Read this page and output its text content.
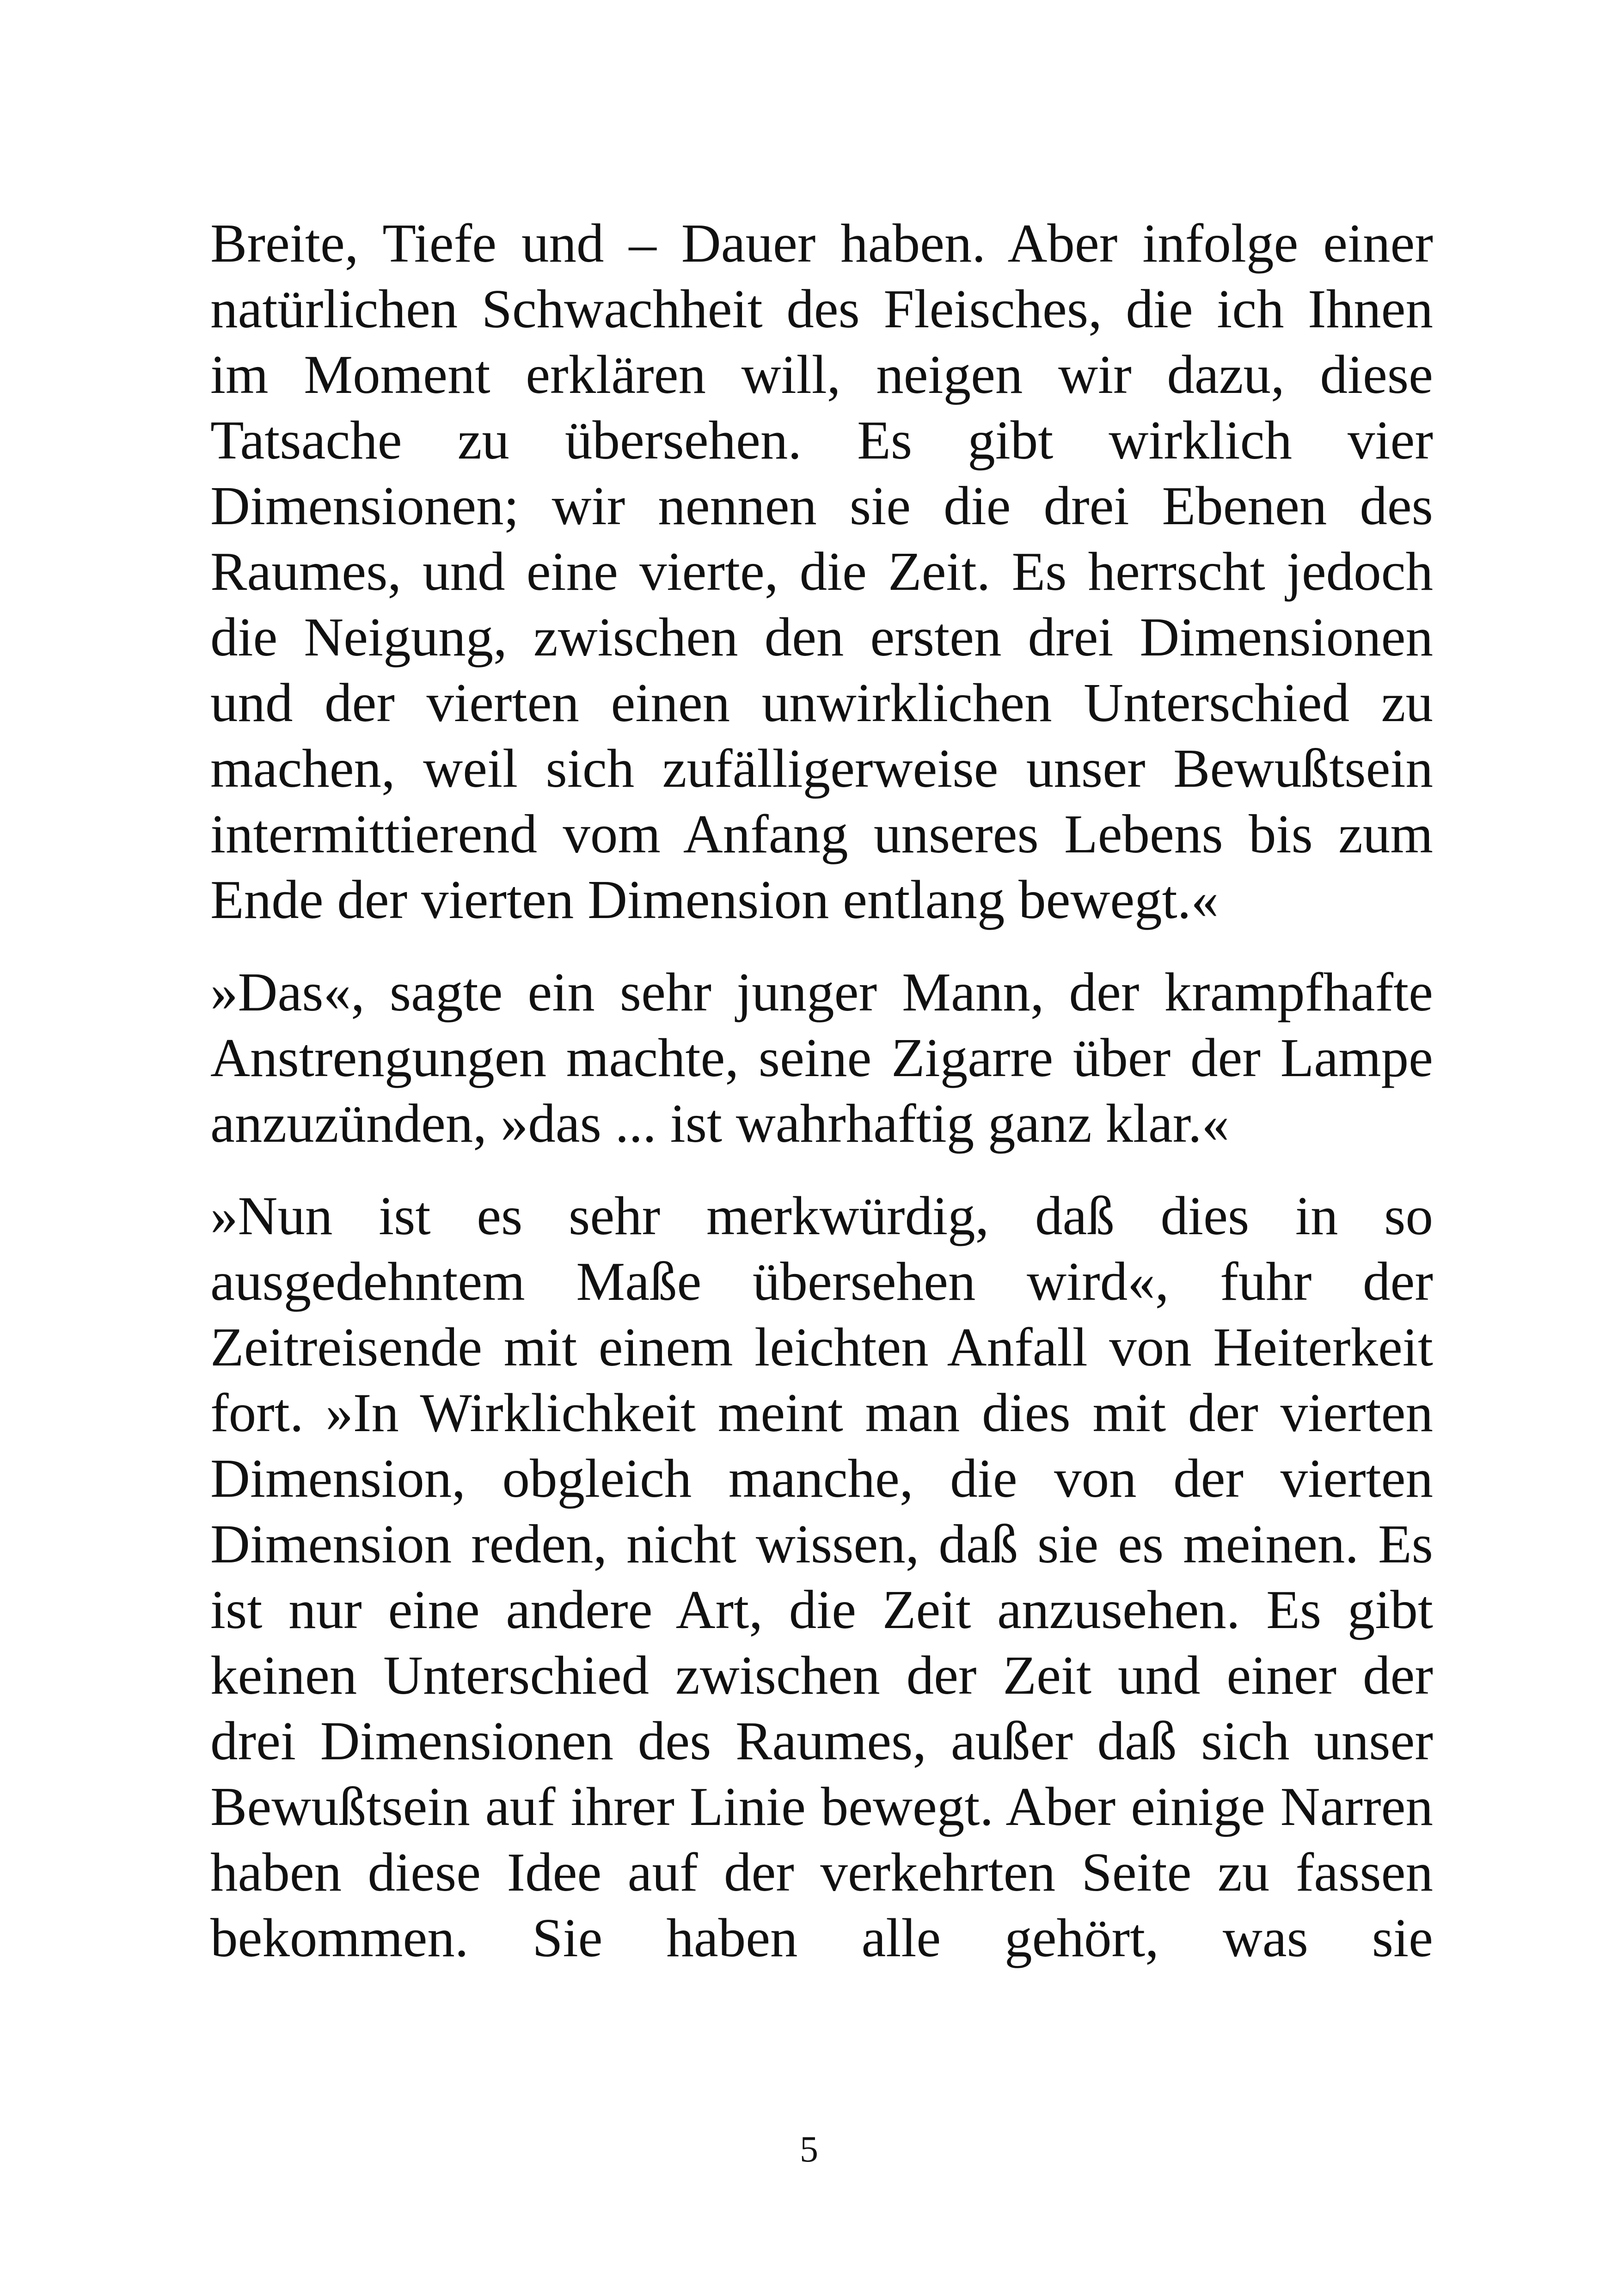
Breite, Tiefe und – Dauer haben. Aber infolge einer natürlichen Schwachheit des Fleisches, die ich Ihnen im Moment erklären will, neigen wir dazu, diese Tatsache zu übersehen. Es gibt wirklich vier Dimensionen; wir nennen sie die drei Ebenen des Raumes, und eine vierte, die Zeit. Es herrscht jedoch die Neigung, zwischen den ersten drei Dimensionen und der vierten einen unwirklichen Unterschied zu machen, weil sich zufälligerweise unser Bewußtsein intermittierend vom Anfang unseres Lebens bis zum Ende der vierten Dimension entlang bewegt.«

»Das«, sagte ein sehr junger Mann, der krampfhafte Anstrengungen machte, seine Zigarre über der Lampe anzuzünden, »das ... ist wahrhaftig ganz klar.«

»Nun ist es sehr merkwürdig, daß dies in so ausgedehntem Maße übersehen wird«, fuhr der Zeitreisende mit einem leichten Anfall von Heiterkeit fort. »In Wirklichkeit meint man dies mit der vierten Dimension, obgleich manche, die von der vierten Dimension reden, nicht wissen, daß sie es meinen. Es ist nur eine andere Art, die Zeit anzusehen. Es gibt keinen Unterschied zwischen der Zeit und einer der drei Dimensionen des Raumes, außer daß sich unser Bewußtsein auf ihrer Linie bewegt. Aber einige Narren haben diese Idee auf der verkehrten Seite zu fassen bekommen. Sie haben alle gehört, was sie

5
